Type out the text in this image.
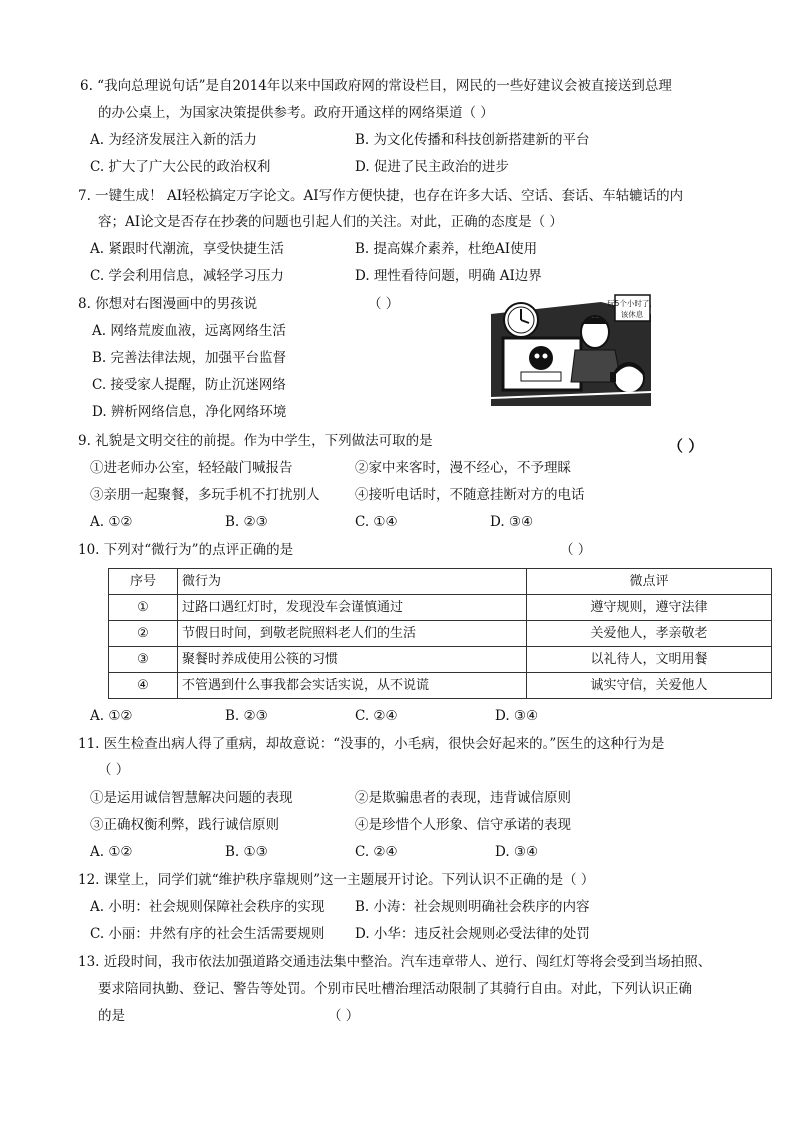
6. “我向总理说句话”是自2014年以来中国政府网的常设栏目，网民的一些好建议会被直接送到总理
的办公桌上，为国家决策提供参考。政府开通这样的网络渠道（ ）
A. 为经济发展注入新的活力	B. 为文化传播和科技创新搭建新的平台
C. 扩大了广大公民的政治权利	D. 促进了民主政治的进步
7. 一键生成！ AI轻松搞定万字论文。AI写作方便快捷，也存在许多大话、空话、套话、车轱辘话的内
容；AI论文是否存在抄袭的问题也引起人们的关注。对此，正确的态度是（ ）
A. 紧跟时代潮流，享受快捷生活	B. 提高媒介素养，杜绝AI使用
C. 学会利用信息，减轻学习压力	D. 理性看待问题，明确 AI边界
8. 你想对右图漫画中的男孩说	（ ）
A. 网络荒废血液，远离网络生活
B. 完善法律法规，加强平台监督
C. 接受家人提醒，防止沉迷网络
D. 辨析网络信息，净化网络环境
玩5个小时了，
该休息
9. 礼貌是文明交往的前提。作为中学生，下列做法可取的是	（ ）
①进老师办公室，轻轻敲门喊报告	②家中来客时，漫不经心，不予理睬
③亲朋一起聚餐，多玩手机不打扰别人	④接听电话时，不随意挂断对方的电话
A. ①②	B. ②③	C. ①④	D. ③④
10. 下列对“微行为”的点评正确的是	（ ）
序号	微行为	微点评
①	过路口遇红灯时，发现没车会谨慎通过	遵守规则，遵守法律
②	节假日时间，到敬老院照料老人们的生活	关爱他人，孝亲敬老
③	聚餐时养成使用公筷的习惯	以礼待人，文明用餐
④	不管遇到什么事我都会实话实说，从不说谎	诚实守信，关爱他人
A. ①②	B. ②③	C. ②④	D. ③④
11. 医生检查出病人得了重病，却故意说：“没事的，小毛病，很快会好起来的。”医生的这种行为是
（ ）
①是运用诚信智慧解决问题的表现	②是欺骗患者的表现，违背诚信原则
③正确权衡利弊，践行诚信原则	④是珍惜个人形象、信守承诺的表现
A. ①②	B. ①③	C. ②④	D. ③④
12. 课堂上，同学们就“维护秩序靠规则”这一主题展开讨论。下列认识不正确的是（ ）
A. 小明：社会规则保障社会秩序的实现 B. 小涛：社会规则明确社会秩序的内容
C. 小丽：井然有序的社会生活需要规则 D. 小华：违反社会规则必受法律的处罚
13. 近段时间，我市依法加强道路交通违法集中整治。汽车违章带人、逆行、闯红灯等将会受到当场拍照、
要求陪同执勤、登记、警告等处罚。个别市民吐槽治理活动限制了其骑行自由。对此，下列认识正确
的是	（ ）
